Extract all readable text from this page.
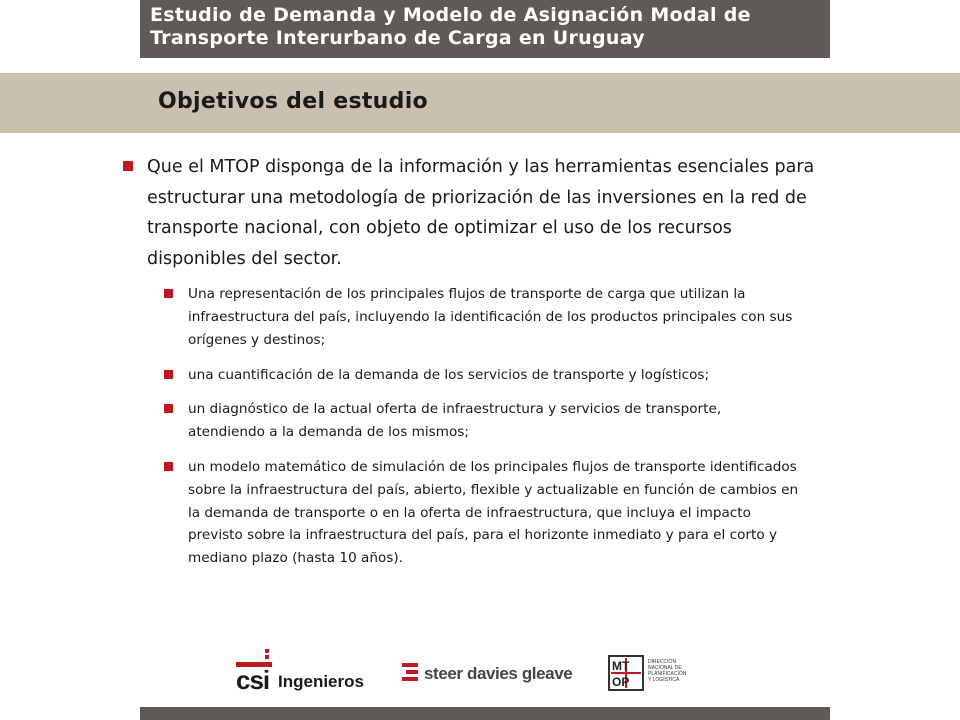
Estudio de Demanda y Modelo de Asignación Modal de
Transporte Interurbano de Carga en Uruguay
Objetivos del estudio
Que el MTOP disponga de la información y las herramientas esenciales para estructurar una metodología de priorización de las inversiones en la red de transporte nacional, con objeto de optimizar el uso de los recursos disponibles del sector.
Una representación de los principales flujos de transporte de carga que utilizan la infraestructura del país, incluyendo la identificación de los productos principales con sus orígenes y destinos;
una cuantificación de la demanda de los servicios de transporte y logísticos;
un diagnóstico de la actual oferta de infraestructura y servicios de transporte, atendiendo a la demanda de los mismos;
un modelo matemático de simulación de los principales flujos de transporte identificados sobre la infraestructura del país, abierto, flexible y actualizable en función de cambios en la demanda de transporte o en la oferta de infraestructura, que incluya el impacto previsto sobre la infraestructura del país, para el horizonte inmediato y para el corto y mediano plazo (hasta 10 años).
csi Ingenieros	steer davies gleave	MT
OP
DIRECCIÓN
NACIONAL DE
PLANIFICACIÓN
Y LOGÍSTICA
